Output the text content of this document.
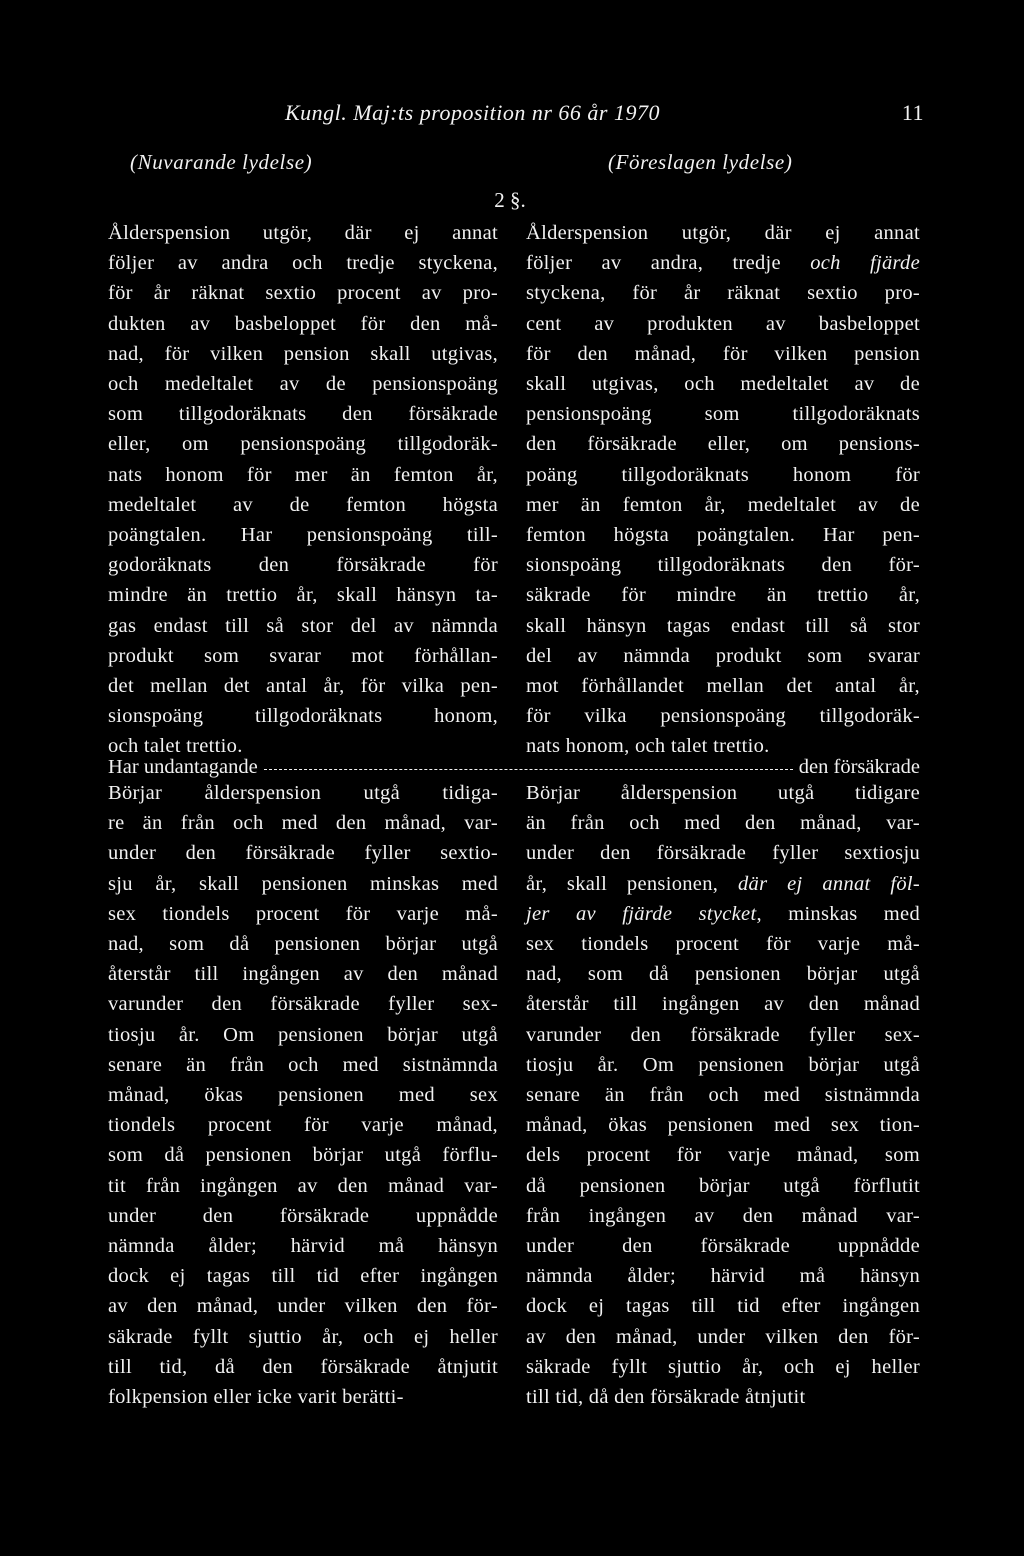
Kungl. Maj:ts proposition nr 66 år 1970	11
(Nuvarande lydelse)	(Föreslagen lydelse)
2 §.
Ålderspension utgör, där ej annat
följer av andra och tredje styckena,
för år räknat sextio procent av pro-
dukten av basbeloppet för den må-
nad, för vilken pension skall utgivas,
och medeltalet av de pensionspoäng
som tillgodoräknats den försäkrade
eller, om pensionspoäng tillgodoräk-
nats honom för mer än femton år,
medeltalet av de femton högsta
poängtalen. Har pensionspoäng till-
godoräknats den försäkrade för
mindre än trettio år, skall hänsyn ta-
gas endast till så stor del av nämnda
produkt som svarar mot förhållan-
det mellan det antal år, för vilka pen-
sionspoäng tillgodoräknats honom,
och talet trettio.
Ålderspension utgör, där ej annat
följer av andra, tredje och fjärde
styckena, för år räknat sextio pro-
cent av produkten av basbeloppet
för den månad, för vilken pension
skall utgivas, och medeltalet av de
pensionspoäng som tillgodoräknats
den försäkrade eller, om pensions-
poäng tillgodoräknats honom för
mer än femton år, medeltalet av de
femton högsta poängtalen. Har pen-
sionspoäng tillgodoräknats den för-
säkrade för mindre än trettio år,
skall hänsyn tagas endast till så stor
del av nämnda produkt som svarar
mot förhållandet mellan det antal år,
för vilka pensionspoäng tillgodoräk-
nats honom, och talet trettio.
Har undantagande	den försäkrade
Börjar ålderspension utgå tidiga-
re än från och med den månad, var-
under den försäkrade fyller sextio-
sju år, skall pensionen minskas med
sex tiondels procent för varje må-
nad, som då pensionen börjar utgå
återstår till ingången av den månad
varunder den försäkrade fyller sex-
tiosju år. Om pensionen börjar utgå
senare än från och med sistnämnda
månad, ökas pensionen med sex
tiondels procent för varje månad,
som då pensionen börjar utgå förflu-
tit från ingången av den månad var-
under den försäkrade uppnådde
nämnda ålder; härvid må hänsyn
dock ej tagas till tid efter ingången
av den månad, under vilken den för-
säkrade fyllt sjuttio år, och ej heller
till tid, då den försäkrade åtnjutit
folkpension eller icke varit berätti-
Börjar ålderspension utgå tidigare
än från och med den månad, var-
under den försäkrade fyller sextiosju
år, skall pensionen, där ej annat föl-
jer av fjärde stycket, minskas med
sex tiondels procent för varje må-
nad, som då pensionen börjar utgå
återstår till ingången av den månad
varunder den försäkrade fyller sex-
tiosju år. Om pensionen börjar utgå
senare än från och med sistnämnda
månad, ökas pensionen med sex tion-
dels procent för varje månad, som
då pensionen börjar utgå förflutit
från ingången av den månad var-
under den försäkrade uppnådde
nämnda ålder; härvid må hänsyn
dock ej tagas till tid efter ingången
av den månad, under vilken den för-
säkrade fyllt sjuttio år, och ej heller
till tid, då den försäkrade åtnjutit
